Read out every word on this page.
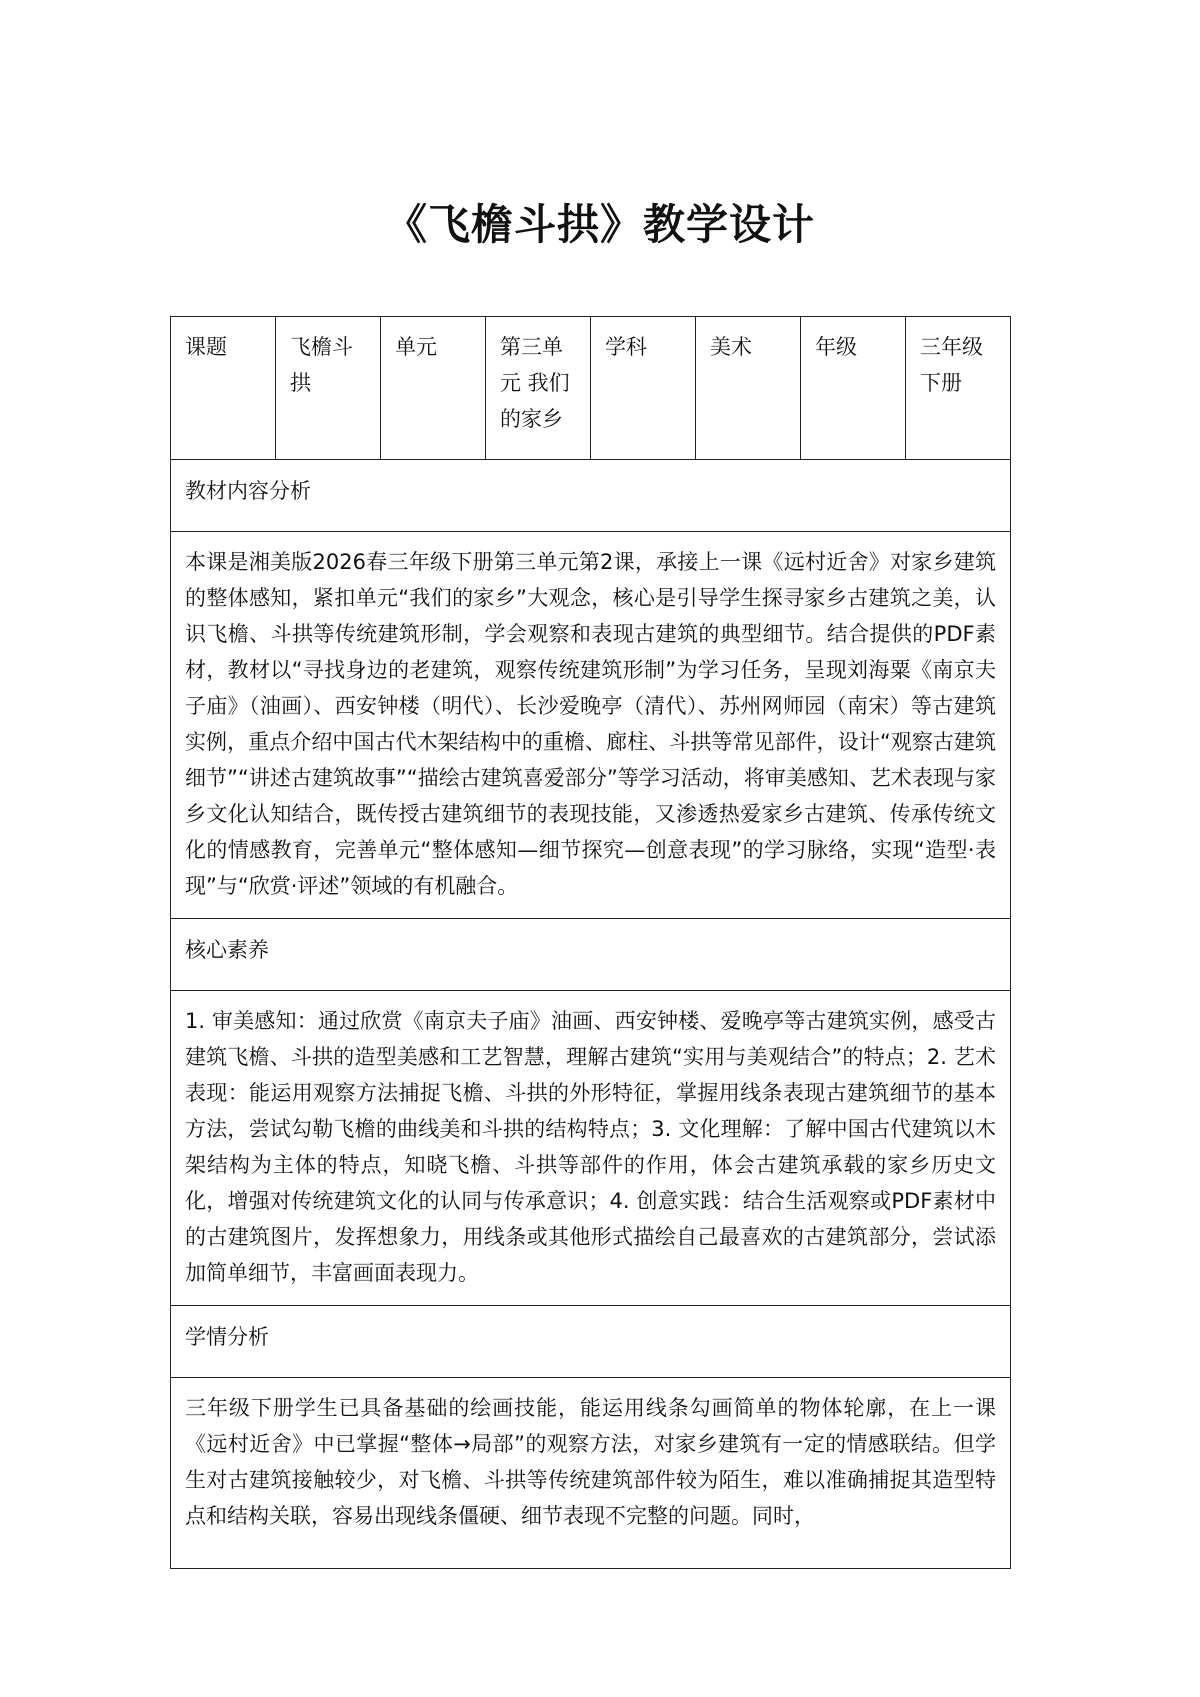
《飞檐斗拱》教学设计
课题	飞檐斗拱	单元	第三单元 我们的家乡	学科	美术	年级	三年级下册
教材内容分析
本课是湘美版2026春三年级下册第三单元第2课，承接上一课《远村近舍》对家乡建筑的整体感知，紧扣单元“我们的家乡”大观念，核心是引导学生探寻家乡古建筑之美，认识飞檐、斗拱等传统建筑形制，学会观察和表现古建筑的典型细节。结合提供的PDF素材，教材以“寻找身边的老建筑，观察传统建筑形制”为学习任务，呈现刘海粟《南京夫子庙》（油画）、西安钟楼（明代）、长沙爱晚亭（清代）、苏州网师园（南宋）等古建筑实例，重点介绍中国古代木架结构中的重檐、廊柱、斗拱等常见部件，设计“观察古建筑细节”“讲述古建筑故事”“描绘古建筑喜爱部分”等学习活动，将审美感知、艺术表现与家乡文化认知结合，既传授古建筑细节的表现技能，又渗透热爱家乡古建筑、传承传统文化的情感教育，完善单元“整体感知—细节探究—创意表现”的学习脉络，实现“造型·表现”与“欣赏·评述”领域的有机融合。
核心素养
1. 审美感知：通过欣赏《南京夫子庙》油画、西安钟楼、爱晚亭等古建筑实例，感受古建筑飞檐、斗拱的造型美感和工艺智慧，理解古建筑“实用与美观结合”的特点；2. 艺术表现：能运用观察方法捕捉飞檐、斗拱的外形特征，掌握用线条表现古建筑细节的基本方法，尝试勾勒飞檐的曲线美和斗拱的结构特点；3. 文化理解：了解中国古代建筑以木架结构为主体的特点，知晓飞檐、斗拱等部件的作用，体会古建筑承载的家乡历史文化，增强对传统建筑文化的认同与传承意识；4. 创意实践：结合生活观察或PDF素材中的古建筑图片，发挥想象力，用线条或其他形式描绘自己最喜欢的古建筑部分，尝试添加简单细节，丰富画面表现力。
学情分析

三年级下册学生已具备基础的绘画技能，能运用线条勾画简单的物体轮廓，在上一课《远村近舍》中已掌握“整体→局部”的观察方法，对家乡建筑有一定的情感联结。但学生对古建筑接触较少，对飞檐、斗拱等传统建筑部件较为陌生，难以准确捕捉其造型特点和结构关联，容易出现线条僵硬、细节表现不完整的问题。同时，
